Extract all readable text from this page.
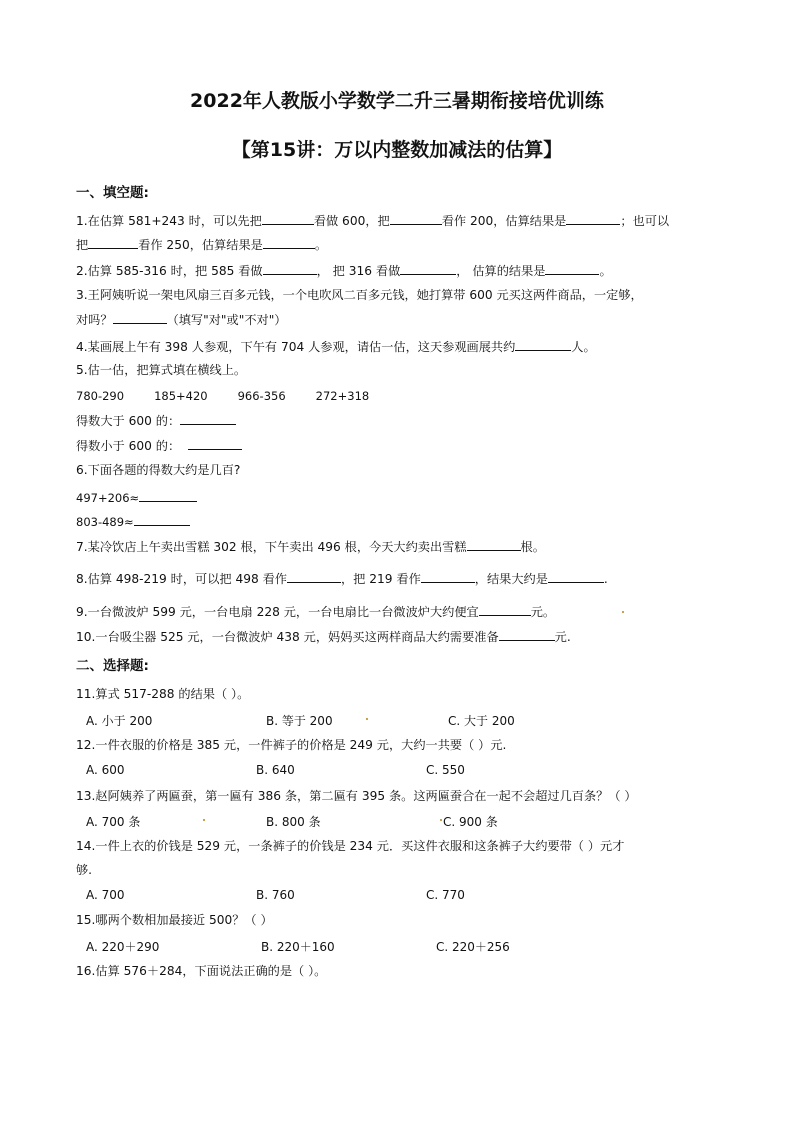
2022年人教版小学数学二升三暑期衔接培优训练
【第15讲：万以内整数加减法的估算】
一、填空题:
1.在估算 581+243 时，可以先把	看做 600，把	看作 200，估算结果是	；也可以
把	看作 250，估算结果是	。
2.估算 585-316 时，把 585 看做	， 把 316 看做	， 估算的结果是	。
3.王阿姨听说一架电风扇三百多元钱，一个电吹风二百多元钱，她打算带 600 元买这两件商品，一定够，
对吗？	（填写"对"或"不对"）
4.某画展上午有 398 人参观，下午有 704 人参观，请估一估，这天参观画展共约	人。
5.估一估，把算式填在横线上。
780-290	185+420	966-356	272+318
得数大于 600 的：
得数小于 600 的：
6.下面各题的得数大约是几百?
497+206≈
803-489≈
7.某冷饮店上午卖出雪糕 302 根，下午卖出 496 根，今天大约卖出雪糕	根。
8.估算 498-219 时，可以把 498 看作	，把 219 看作	，结果大约是	.
9.一台微波炉 599 元，一台电扇 228 元，一台电扇比一台微波炉大约便宜	元。
10.一台吸尘器 525 元，一台微波炉 438 元，妈妈买这两样商品大约需要准备	元.
二、选择题:
11.算式 517-288 的结果（ ）。
A. 小于 200	B. 等于 200	C. 大于 200
12.一件衣服的价格是 385 元，一件裤子的价格是 249 元，大约一共要（ ）元.
A. 600	B. 640	C. 550
13.赵阿姨养了两匾蚕，第一匾有 386 条，第二匾有 395 条。这两匾蚕合在一起不会超过几百条？（ ）
A. 700 条	B. 800 条	C. 900 条
14.一件上衣的价钱是 529 元，一条裤子的价钱是 234 元．买这件衣服和这条裤子大约要带（ ）元才
够.
A. 700	B. 760	C. 770
15.哪两个数相加最接近 500？（ ）
A. 220＋290	B. 220＋160	C. 220＋256
16.估算 576＋284，下面说法正确的是（ ）。
